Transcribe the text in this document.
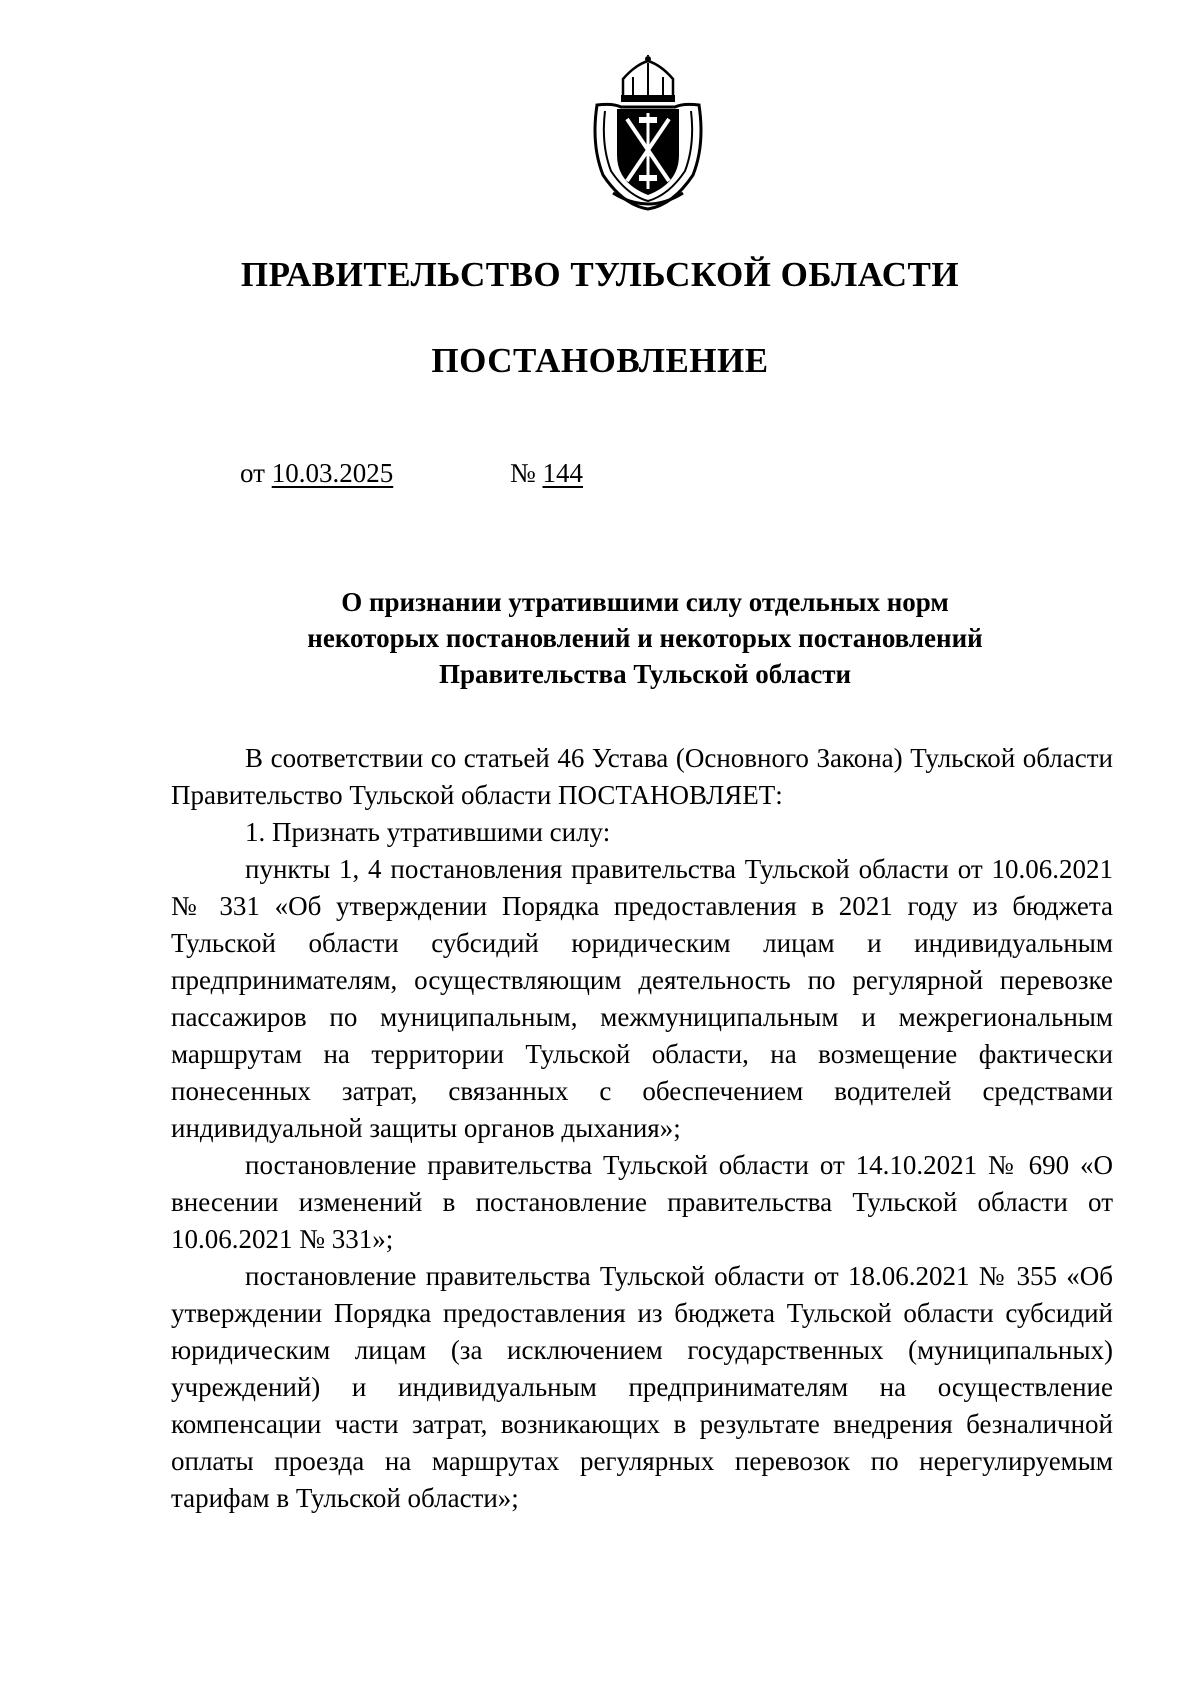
ПРАВИТЕЛЬСТВО ТУЛЬСКОЙ ОБЛАСТИ
ПОСТАНОВЛЕНИЕ
от 10.03.2025	№ 144
О признании утратившими силу отдельных норм
некоторых постановлений и некоторых постановлений
Правительства Тульской области

В соответствии со статьей 46 Устава (Основного Закона) Тульской области Правительство Тульской области ПОСТАНОВЛЯЕТ:

1. Признать утратившими силу:

пункты 1, 4 постановления правительства Тульской области от 10.06.2021 № 331 «Об утверждении Порядка предоставления в 2021 году из бюджета Тульской области субсидий юридическим лицам и индивидуальным предпринимателям, осуществляющим деятельность по регулярной перевозке пассажиров по муниципальным, межмуниципальным и межрегиональным маршрутам на территории Тульской области, на возмещение фактически понесенных затрат, связанных с обеспечением водителей средствами индивидуальной защиты органов дыхания»;

постановление правительства Тульской области от 14.10.2021 № 690 «О внесении изменений в постановление правительства Тульской области от 10.06.2021 № 331»;

постановление правительства Тульской области от 18.06.2021 № 355 «Об утверждении Порядка предоставления из бюджета Тульской области субсидий юридическим лицам (за исключением государственных (муниципальных) учреждений) и индивидуальным предпринимателям на осуществление компенсации части затрат, возникающих в результате внедрения безналичной оплаты проезда на маршрутах регулярных перевозок по нерегулируемым тарифам в Тульской области»;
